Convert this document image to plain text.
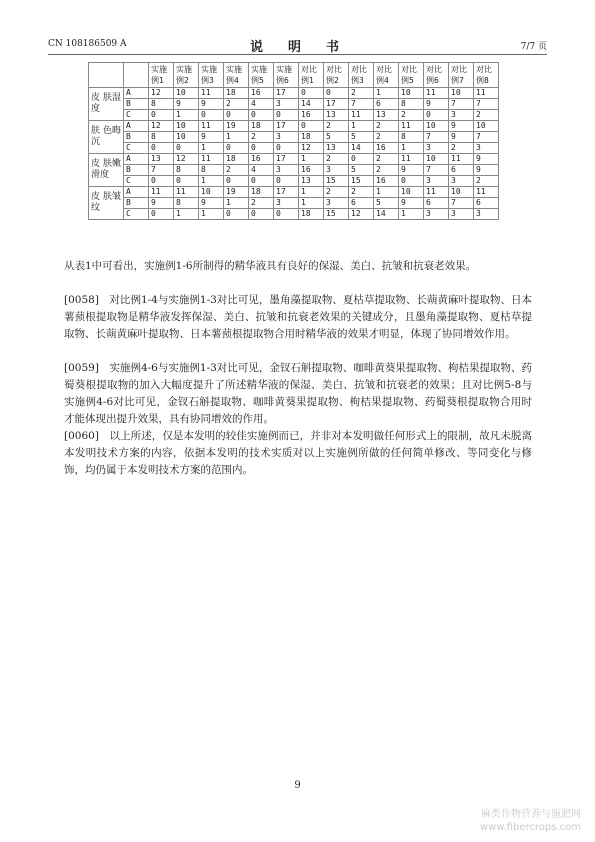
CN 108186509 A	说　明　书	7/7 页
		实施例1	实施例2	实施例3	实施例4	实施例5	实施例6	对比例1	对比例2	对比例3	对比例4	对比例5	对比例6	对比例7	对比例8
皮 肤湿度	A	12	10	11	18	16	17	0	0	2	1	10	11	10	11
	B	8	9	9	2	4	3	14	17	7	6	8	9	7	7
	C	0	1	0	0	0	0	16	13	11	13	2	0	3	2
肤 色晦沉	A	12	10	11	19	18	17	0	2	1	2	11	10	9	10
	B	8	10	9	1	2	3	18	5	5	2	8	7	9	7
	C	0	0	1	0	0	0	12	13	14	16	1	3	2	3
皮 肤嫩 滑度	A	13	12	11	18	16	17	1	2	0	2	11	10	11	9
	B	7	8	8	2	4	3	16	3	5	2	9	7	6	9
	C	0	0	1	0	0	0	13	15	15	16	0	3	3	2
皮 肤皱纹	A	11	11	10	19	18	17	1	2	2	1	10	11	10	11
	B	9	8	9	1	2	3	1	3	6	5	9	6	7	6
	C	0	1	1	0	0	0	18	15	12	14	1	3	3	3
从表1中可看出，实施例1-6所制得的精华液具有良好的保湿、美白、抗皱和抗衰老效果。
[0058]　对比例1-4与实施例1-3对比可见，墨角藻提取物、夏枯草提取物、长蒴黄麻叶提取物、日本薯蓣根提取物是精华液发挥保湿、美白、抗皱和抗衰老效果的关键成分，且墨角藻提取物、夏枯草提取物、长蒴黄麻叶提取物、日本薯蓣根提取物合用时精华液的效果才明显，体现了协同增效作用。
[0059]　实施例4-6与实施例1-3对比可见，金钗石斛提取物、咖啡黄葵果提取物、枸桔果提取物、药蜀葵根提取物的加入大幅度提升了所述精华液的保湿、美白、抗皱和抗衰老的效果；且对比例5-8与实施例4-6对比可见，金钗石斛提取物、咖啡黄葵果提取物、枸桔果提取物、药蜀葵根提取物合用时才能体现出提升效果，具有协同增效的作用。
[0060]　以上所述，仅是本发明的较佳实施例而已，并非对本发明做任何形式上的限制，故凡未脱离本发明技术方案的内容，依据本发明的技术实质对以上实施例所做的任何简单修改、等同变化与修饰，均仍属于本发明技术方案的范围内。
9
麻类作物营养与施肥网
www.fibercrops.com
